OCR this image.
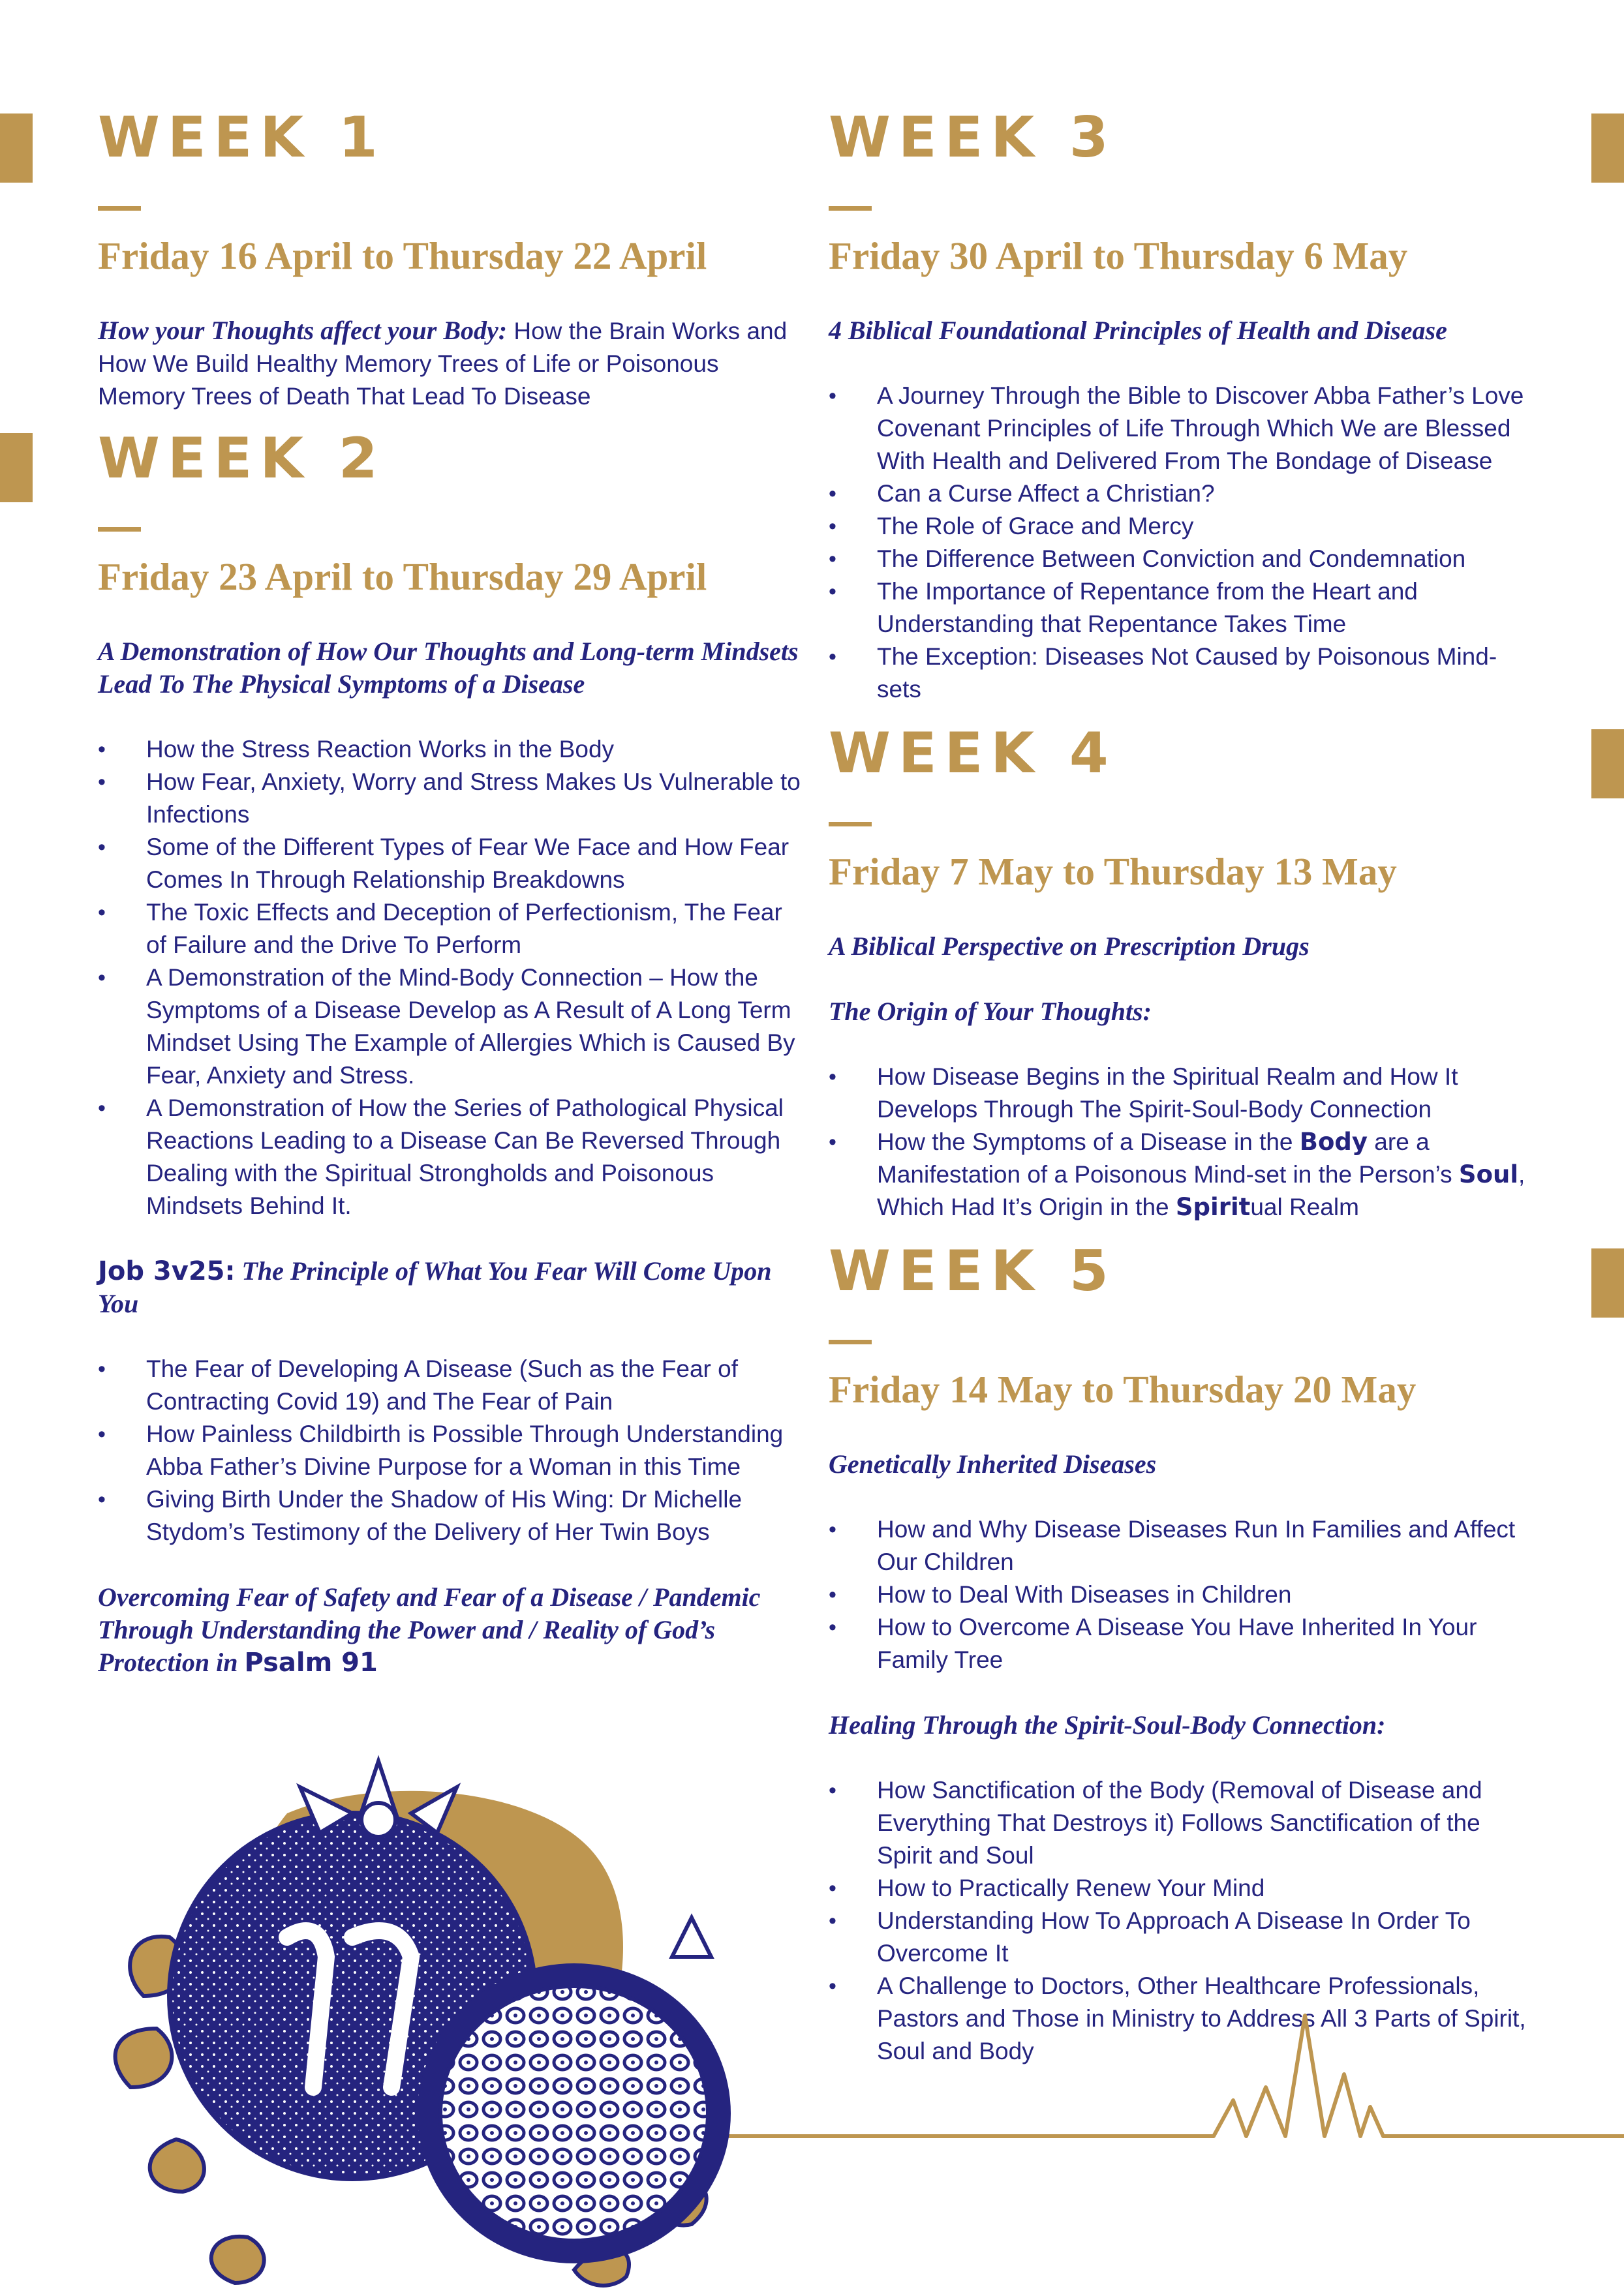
WEEK 1
Friday 16 April to Thursday 22 April
How your Thoughts affect your Body: How the Brain Works and How We Build Healthy Memory Trees of Life or Poisonous Memory Trees of Death That Lead To Disease
WEEK 2
Friday 23 April to Thursday 29 April
A Demonstration of How Our Thoughts and Long-term Mindsets Lead To The Physical Symptoms of a Disease
• How the Stress Reaction Works in the Body
• How Fear, Anxiety, Worry and Stress Makes Us Vulnerable to Infections
• Some of the Different Types of Fear We Face and How Fear Comes In Through Relationship Breakdowns
• The Toxic Effects and Deception of Perfectionism, The Fear of Failure and the Drive To Perform
• A Demonstration of the Mind-Body Connection – How the Symptoms of a Disease Develop as A Result of A Long Term Mindset Using The Example of Allergies Which is Caused By Fear, Anxiety and Stress.
• A Demonstration of How the Series of Pathological Physical Reactions Leading to a Disease Can Be Reversed Through Dealing with the Spiritual Strongholds and Poisonous Mindsets Behind It.
Job 3v25: The Principle of What You Fear Will Come Upon You
• The Fear of Developing A Disease (Such as the Fear of Contracting Covid 19) and The Fear of Pain
• How Painless Childbirth is Possible Through Understanding Abba Father’s Divine Purpose for a Woman in this Time
• Giving Birth Under the Shadow of His Wing: Dr Michelle Stydom’s Testimony of the Delivery of Her Twin Boys
Overcoming Fear of Safety and Fear of a Disease / Pandemic Through Understanding the Power and / Reality of God’s Protection in Psalm 91
WEEK 3
Friday 30 April to Thursday 6 May
4 Biblical Foundational Principles of Health and Disease
• A Journey Through the Bible to Discover Abba Father’s Love Covenant Principles of Life Through Which We are Blessed With Health and Delivered From The Bondage of Disease
• Can a Curse Affect a Christian?
• The Role of Grace and Mercy
• The Difference Between Conviction and Condemnation
• The Importance of Repentance from the Heart and Understanding that Repentance Takes Time
• The Exception: Diseases Not Caused by Poisonous Mind-sets
WEEK 4
Friday 7 May to Thursday 13 May
A Biblical Perspective on Prescription Drugs
The Origin of Your Thoughts:
• How Disease Begins in the Spiritual Realm and How It Develops Through The Spirit-Soul-Body Connection
• How the Symptoms of a Disease in the Body are a Manifestation of a Poisonous Mind-set in the Person’s Soul, Which Had It’s Origin in the Spiritual Realm
WEEK 5
Friday 14 May to Thursday 20 May
Genetically Inherited Diseases
• How and Why Disease Diseases Run In Families and Affect Our Children
• How to Deal With Diseases in Children
• How to Overcome A Disease You Have Inherited In Your Family Tree
Healing Through the Spirit-Soul-Body Connection:
• How Sanctification of the Body (Removal of Disease and Everything That Destroys it) Follows Sanctification of the Spirit and Soul
• How to Practically Renew Your Mind
• Understanding How To Approach A Disease In Order To Overcome It
• A Challenge to Doctors, Other Healthcare Professionals, Pastors and Those in Ministry to Address All 3 Parts of Spirit, Soul and Body
